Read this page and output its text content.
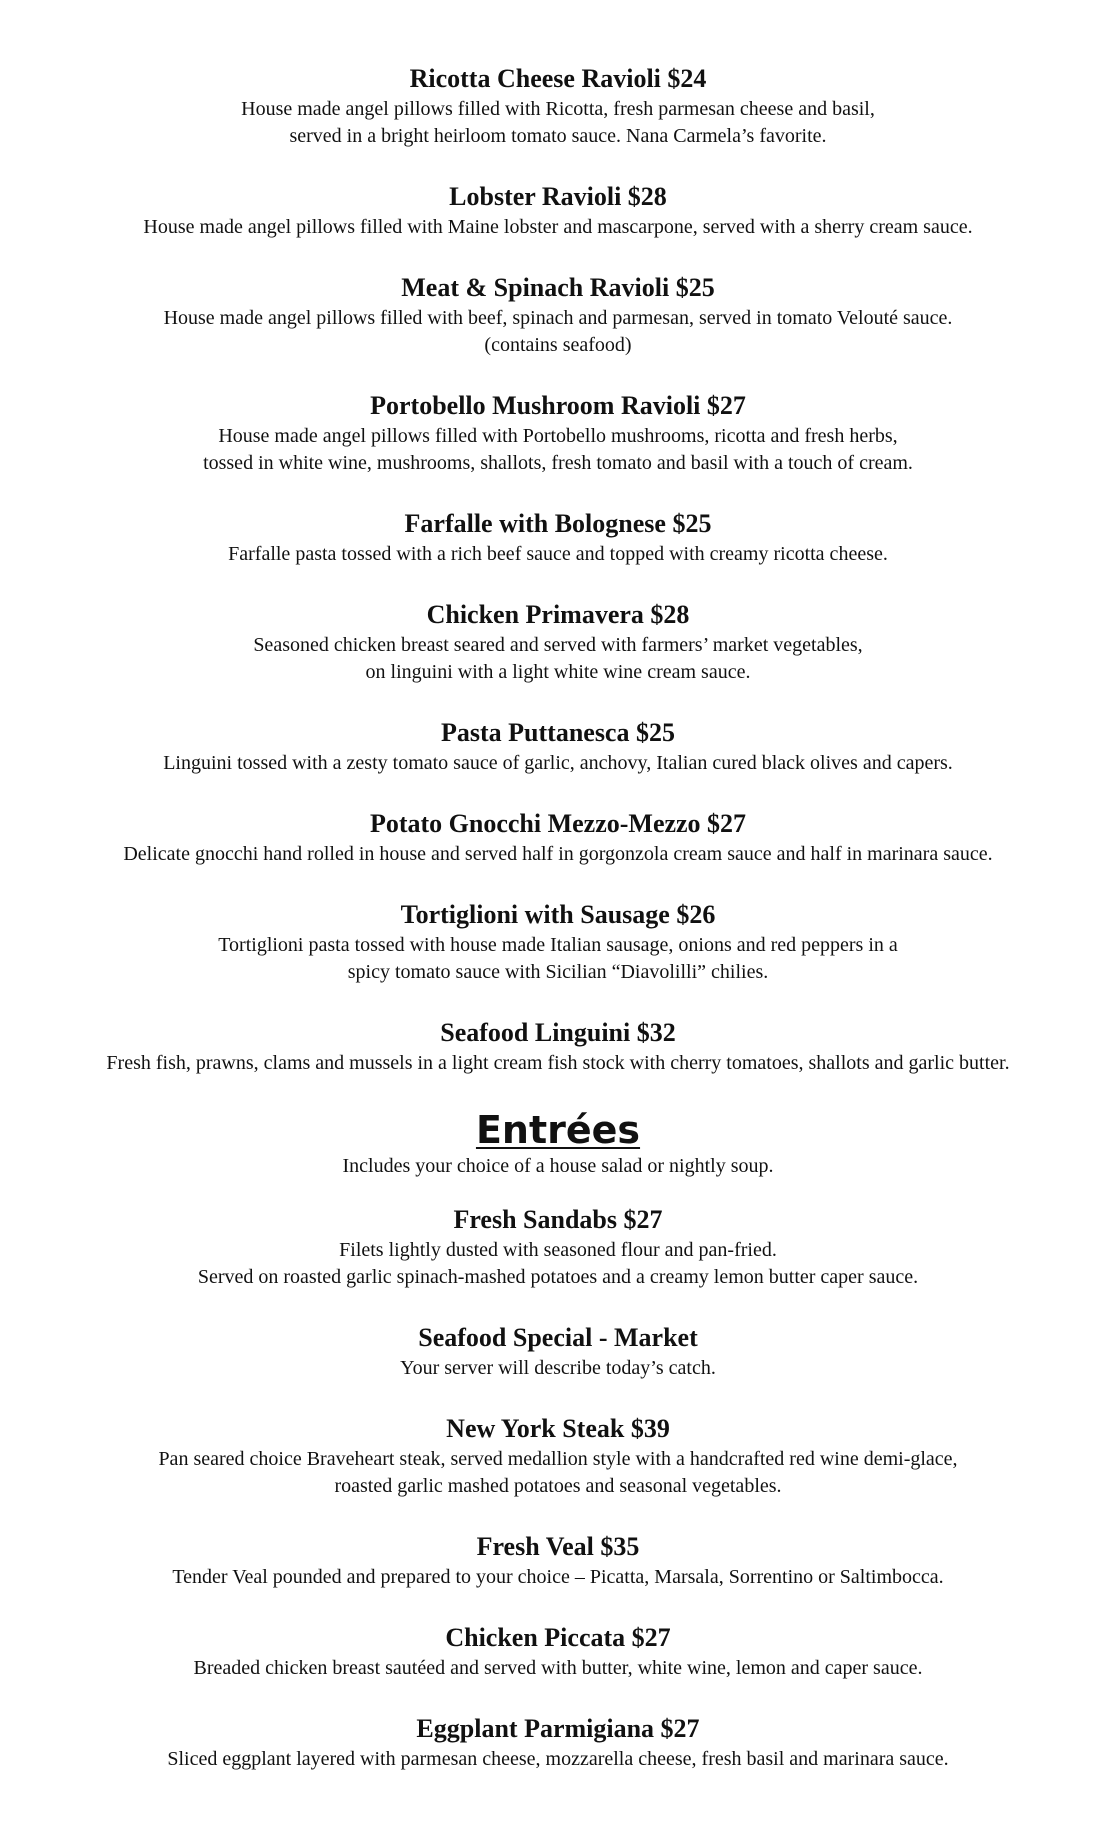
Ricotta Cheese Ravioli $24

House made angel pillows filled with Ricotta, fresh parmesan cheese and basil,
served in a bright heirloom tomato sauce. Nana Carmela’s favorite.

Lobster Ravioli $28

House made angel pillows filled with Maine lobster and mascarpone, served with a sherry cream sauce.

Meat & Spinach Ravioli $25

House made angel pillows filled with beef, spinach and parmesan, served in tomato Velouté sauce.
(contains seafood)

Portobello Mushroom Ravioli $27

House made angel pillows filled with Portobello mushrooms, ricotta and fresh herbs,
tossed in white wine, mushrooms, shallots, fresh tomato and basil with a touch of cream.

Farfalle with Bolognese $25

Farfalle pasta tossed with a rich beef sauce and topped with creamy ricotta cheese.

Chicken Primavera $28

Seasoned chicken breast seared and served with farmers’ market vegetables,
on linguini with a light white wine cream sauce.

Pasta Puttanesca $25

Linguini tossed with a zesty tomato sauce of garlic, anchovy, Italian cured black olives and capers.

Potato Gnocchi Mezzo-Mezzo $27

Delicate gnocchi hand rolled in house and served half in gorgonzola cream sauce and half in marinara sauce.

Tortiglioni with Sausage $26

Tortiglioni pasta tossed with house made Italian sausage, onions and red peppers in a
spicy tomato sauce with Sicilian “Diavolilli” chilies.

Seafood Linguini $32

Fresh fish, prawns, clams and mussels in a light cream fish stock with cherry tomatoes, shallots and garlic butter.

Entrées

Includes your choice of a house salad or nightly soup.

Fresh Sandabs $27

Filets lightly dusted with seasoned flour and pan-fried.
Served on roasted garlic spinach-mashed potatoes and a creamy lemon butter caper sauce.

Seafood Special - Market

Your server will describe today’s catch.

New York Steak $39

Pan seared choice Braveheart steak, served medallion style with a handcrafted red wine demi-glace,
roasted garlic mashed potatoes and seasonal vegetables.

Fresh Veal $35

Tender Veal pounded and prepared to your choice – Picatta, Marsala, Sorrentino or Saltimbocca.

Chicken Piccata $27

Breaded chicken breast sautéed and served with butter, white wine, lemon and caper sauce.

Eggplant Parmigiana $27

Sliced eggplant layered with parmesan cheese, mozzarella cheese, fresh basil and marinara sauce.
